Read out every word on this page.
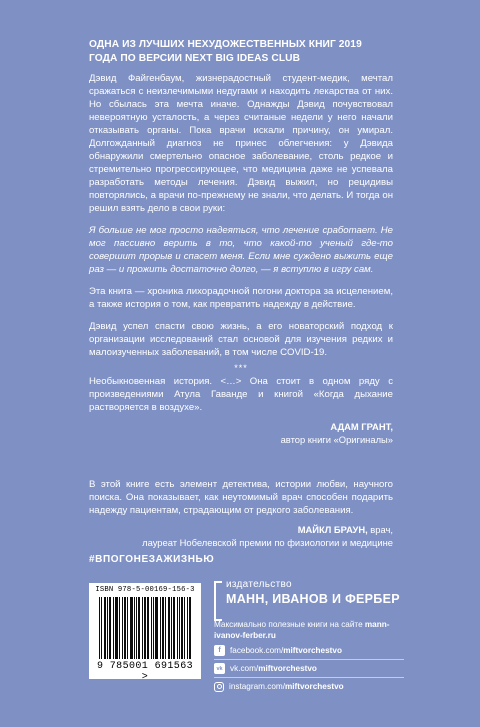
ОДНА ИЗ ЛУЧШИХ НЕХУДОЖЕСТВЕННЫХ КНИГ 2019 ГОДА ПО ВЕРСИИ NEXT BIG IDEAS CLUB

Дэвид Файгенбаум, жизнерадостный студент-медик, мечтал сражаться с неизлечимыми недугами и находить лекарства от них. Но сбылась эта мечта иначе. Однажды Дэвид почувствовал невероятную усталость, а через считаные недели у него начали отказывать органы. Пока врачи искали причину, он умирал. Долгожданный диагноз не принес облегчения: у Дэвида обнаружили смертельно опасное заболевание, столь редкое и стремительно прогрессирующее, что медицина даже не успевала разработать методы лечения. Дэвид выжил, но рецидивы повторялись, а врачи по-прежнему не знали, что делать. И тогда он решил взять дело в свои руки:

Я больше не мог просто надеяться, что лечение сработает. Не мог пассивно верить в то, что какой-то ученый где-то совершит прорыв и спасет меня. Если мне суждено выжить еще раз — и прожить достаточно долго, — я вступлю в игру сам.

Эта книга — хроника лихорадочной погони доктора за исцелением, а также история о том, как превратить надежду в действие.

Дэвид успел спасти свою жизнь, а его новаторский подход к организации исследований стал основой для изучения редких и малоизученных заболеваний, в том числе COVID-19.

***

Необыкновенная история. <…> Она стоит в одном ряду с произведениями Атула Гаванде и книгой «Когда дыхание растворяется в воздухе».

АДАМ ГРАНТ,
автор книги «Оригиналы»

В этой книге есть элемент детектива, истории любви, научного поиска. Она показывает, как неутомимый врач способен подарить надежду пациентам, страдающим от редкого заболевания.

МАЙКЛ БРАУН, врач,
лауреат Нобелевской премии по физиологии и медицине
#ВПОГОНЕЗАЖИЗНЬЮ
ISBN 978-5-00169-156-3
9 785001 691563 >
издательство
МАНН, ИВАНОВ И ФЕРБЕР
Максимально полезные книги на сайте mann-ivanov-ferber.ru
f	facebook.com/ miftvorchestvo
vk vk.com/ miftvorchestvo
instagram.com/ miftvorchestvo
